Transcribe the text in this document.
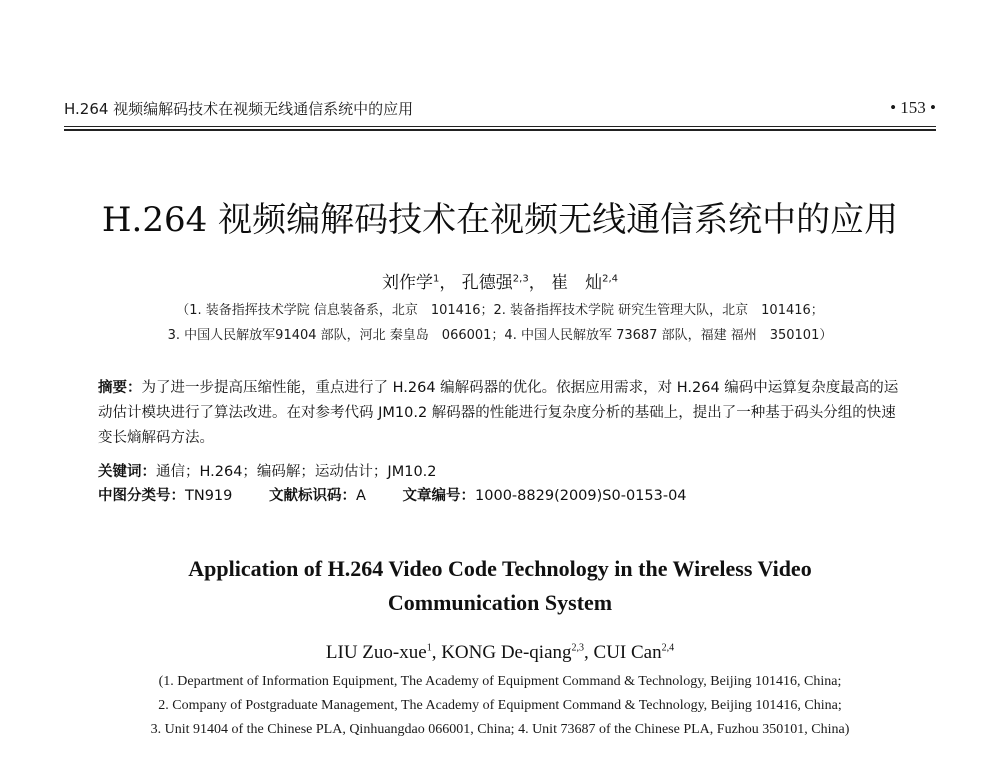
H.264 视频编解码技术在视频无线通信系统中的应用	• 153 •
H.264 视频编解码技术在视频无线通信系统中的应用
刘作学$^1$， 孔德强$^{2,3}$， 崔　灿$^{2,4}$
（1. 装备指挥技术学院 信息装备系，北京　101416；2. 装备指挥技术学院 研究生管理大队，北京　101416；
3. 中国人民解放军91404 部队，河北 秦皇岛　066001；4. 中国人民解放军 73687 部队，福建 福州　350101）
摘要：为了进一步提高压缩性能，重点进行了 H.264 编解码器的优化。依据应用需求，对 H.264 编码中运算复杂度最高的运动估计模块进行了算法改进。在对参考代码 JM10.2 解码器的性能进行复杂度分析的基础上，提出了一种基于码头分组的快速变长熵解码方法。
关键词：通信；H.264；编码解；运动估计；JM10.2
中图分类号：TN919	文献标识码：A	文章编号：1000-8829(2009)S0-0153-04
Application of H.264 Video Code Technology in the Wireless Video
Communication System
LIU Zuo-xue$^1$, KONG De-qiang$^{2,3}$, CUI Can$^{2,4}$
(1. Department of Information Equipment, The Academy of Equipment Command & Technology, Beijing 101416, China;
2. Company of Postgraduate Management, The Academy of Equipment Command & Technology, Beijing 101416, China;
3. Unit 91404 of the Chinese PLA, Qinhuangdao 066001, China; 4. Unit 73687 of the Chinese PLA, Fuzhou 350101, China)
